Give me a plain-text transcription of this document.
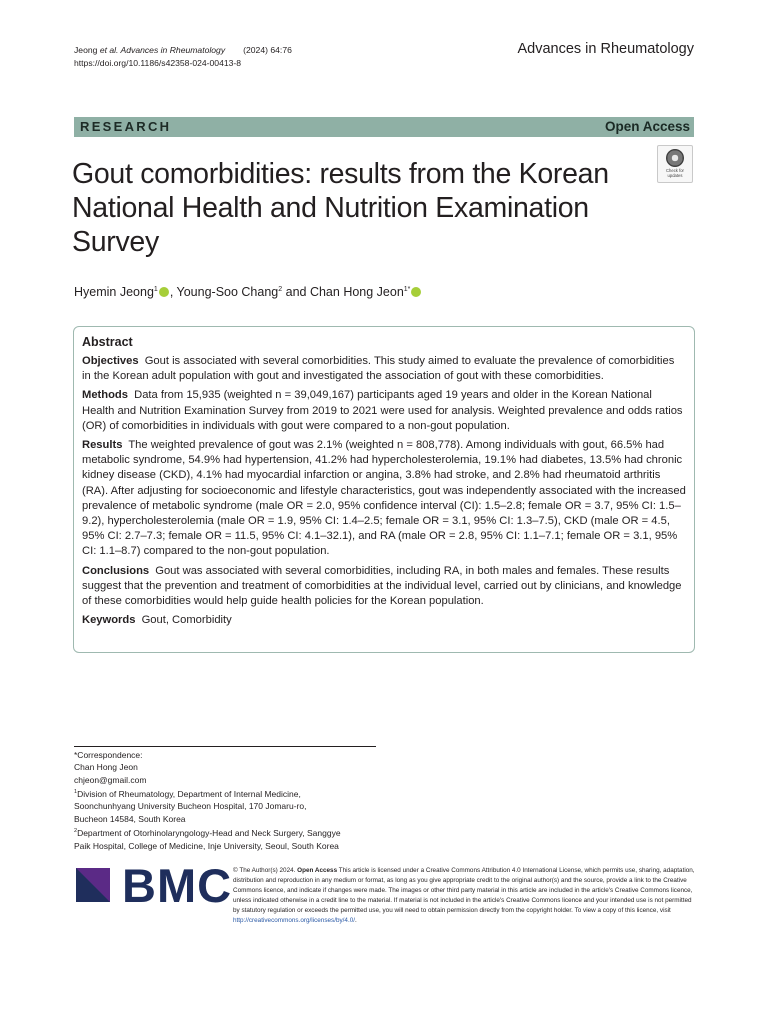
Jeong et al. Advances in Rheumatology (2024) 64:76
https://doi.org/10.1186/s42358-024-00413-8
Advances in Rheumatology
RESEARCH	Open Access
Check for
updates
Gout comorbidities: results from the Korean National Health and Nutrition Examination Survey
Hyemin Jeong$^1$ , Young-Soo Chang$^2$ and Chan Hong Jeon$^{1*}$
Abstract

Objectives Gout is associated with several comorbidities. This study aimed to evaluate the prevalence of comorbidities in the Korean adult population with gout and investigated the association of gout with these comorbidities.

Methods Data from 15,935 (weighted n = 39,049,167) participants aged 19 years and older in the Korean National Health and Nutrition Examination Survey from 2019 to 2021 were used for analysis. Weighted prevalence and odds ratios (OR) of comorbidities in individuals with gout were compared to a non-gout population.

Results The weighted prevalence of gout was 2.1% (weighted n = 808,778). Among individuals with gout, 66.5% had metabolic syndrome, 54.9% had hypertension, 41.2% had hypercholesterolemia, 19.1% had diabetes, 13.5% had chronic kidney disease (CKD), 4.1% had myocardial infarction or angina, 3.8% had stroke, and 2.8% had rheumatoid arthritis (RA). After adjusting for socioeconomic and lifestyle characteristics, gout was independently associated with the increased prevalence of metabolic syndrome (male OR = 2.0, 95% confidence interval (CI): 1.5–2.8; female OR = 3.7, 95% CI: 1.5–9.2), hypercholesterolemia (male OR = 1.9, 95% CI: 1.4–2.5; female OR = 3.1, 95% CI: 1.3–7.5), CKD (male OR = 4.5, 95% CI: 2.7–7.3; female OR = 11.5, 95% CI: 4.1–32.1), and RA (male OR = 2.8, 95% CI: 1.1–7.1; female OR = 3.1, 95% CI: 1.1–8.7) compared to the non-gout population.

Conclusions Gout was associated with several comorbidities, including RA, in both males and females. These results suggest that the prevention and treatment of comorbidities at the individual level, carried out by clinicians, and knowledge of these comorbidities would help guide health policies for the Korean population.

Keywords Gout, Comorbidity

*Correspondence:
Chan Hong Jeon
chjeon@gmail.com
$^1$Division of Rheumatology, Department of Internal Medicine,
Soonchunhyang University Bucheon Hospital, 170 Jomaru-ro,
Bucheon 14584, South Korea
$^2$Department of Otorhinolaryngology-Head and Neck Surgery, Sanggye
Paik Hospital, College of Medicine, Inje University, Seoul, South Korea
BMC © The Author(s) 2024. Open Access This article is licensed under a Creative Commons Attribution 4.0 International License, which permits use, sharing, adaptation, distribution and reproduction in any medium or format, as long as you give appropriate credit to the original author(s) and the source, provide a link to the Creative Commons licence, and indicate if changes were made. The images or other third party material in this article are included in the article's Creative Commons licence, unless indicated otherwise in a credit line to the material. If material is not included in the article's Creative Commons licence and your intended use is not permitted by statutory regulation or exceeds the permitted use, you will need to obtain permission directly from the copyright holder. To view a copy of this licence, visit http://creativecommons.org/licenses/by/4.0/.
